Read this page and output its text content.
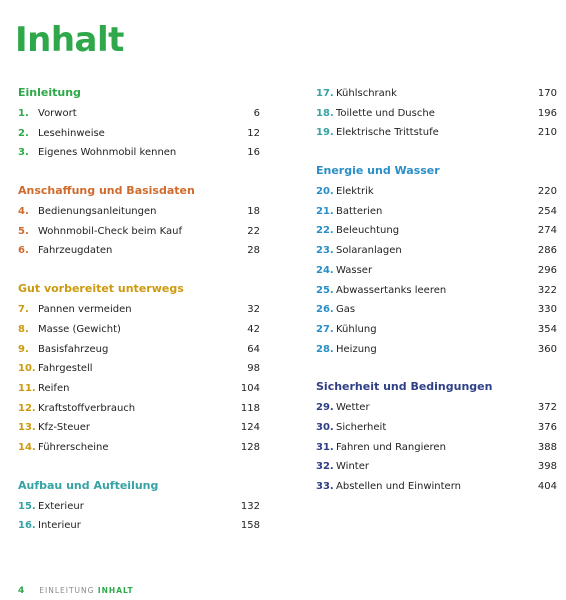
Inhalt
Einleitung
1. Vorwort	6
2. Lesehinweise	12
3. Eigenes Wohnmobil kennen	16
Anschaffung und Basisdaten
4. Bedienungsanleitungen	18
5. Wohnmobil-Check beim Kauf	22
6. Fahrzeugdaten	28
Gut vorbereitet unterwegs
7. Pannen vermeiden	32
8. Masse (Gewicht)	42
9. Basisfahrzeug	64
10. Fahrgestell	98
11. Reifen	104
12. Kraftstoffverbrauch	118
13. Kfz-Steuer	124
14. Führerscheine	128
Aufbau und Aufteilung
15. Exterieur	132
16. Interieur	158
17. Kühlschrank	170
18. Toilette und Dusche	196
19. Elektrische Trittstufe	210
Energie und Wasser
20. Elektrik	220
21. Batterien	254
22. Beleuchtung	274
23. Solaranlagen	286
24. Wasser	296
25. Abwassertanks leeren	322
26. Gas	330
27. Kühlung	354
28. Heizung	360
Sicherheit und Bedingungen
29. Wetter	372
30. Sicherheit	376
31. Fahren und Rangieren	388
32. Winter	398
33. Abstellen und Einwintern	404
4 EINLEITUNG INHALT
